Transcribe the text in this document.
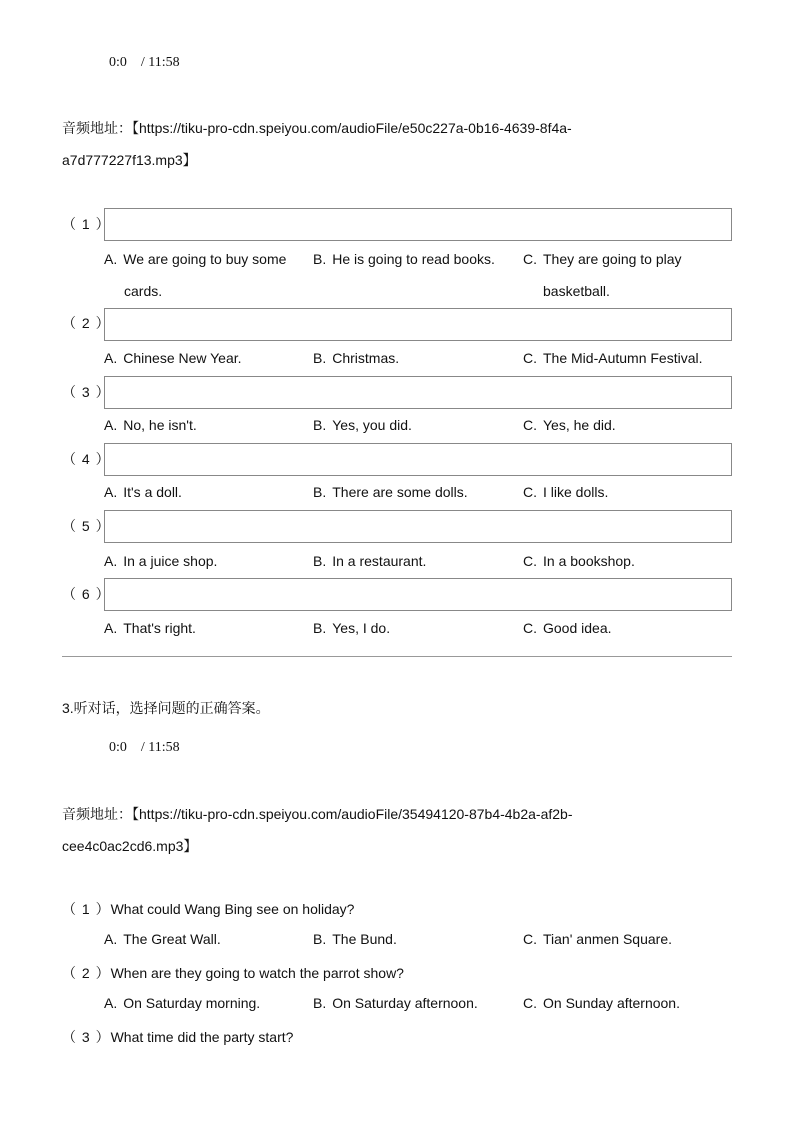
0:0 / 11:58
音频地址：【https://tiku-pro-cdn.speiyou.com/audioFile/e50c227a-0b16-4639-8f4a-
a7d777227f13.mp3】
（ 1 ）
A. We are going to buy some
cards.
B. He is going to read books. C. They are going to play
basketball.
（ 2 ）
A. Chinese New Year.	B. Christmas.	C. The Mid-Autumn Festival.
（ 3 ）
A. No, he isn't.	B. Yes, you did.	C. Yes, he did.
（ 4 ）
A. It's a doll.	B. There are some dolls.	C. I like dolls.
（ 5 ）
A. In a juice shop.	B. In a restaurant.	C. In a bookshop.
（ 6 ）
A. That's right.	B. Yes, I do.	C. Good idea.
3.听对话，选择问题的正确答案。
0:0 / 11:58
音频地址：【https://tiku-pro-cdn.speiyou.com/audioFile/35494120-87b4-4b2a-af2b-
cee4c0ac2cd6.mp3】
（ 1 ）What could Wang Bing see on holiday?
A. The Great Wall.	B. The Bund.	C. Tian' anmen Square.
（ 2 ）When are they going to watch the parrot show?
A. On Saturday morning.	B. On Saturday afternoon.	C. On Sunday afternoon.
（ 3 ）What time did the party start?
